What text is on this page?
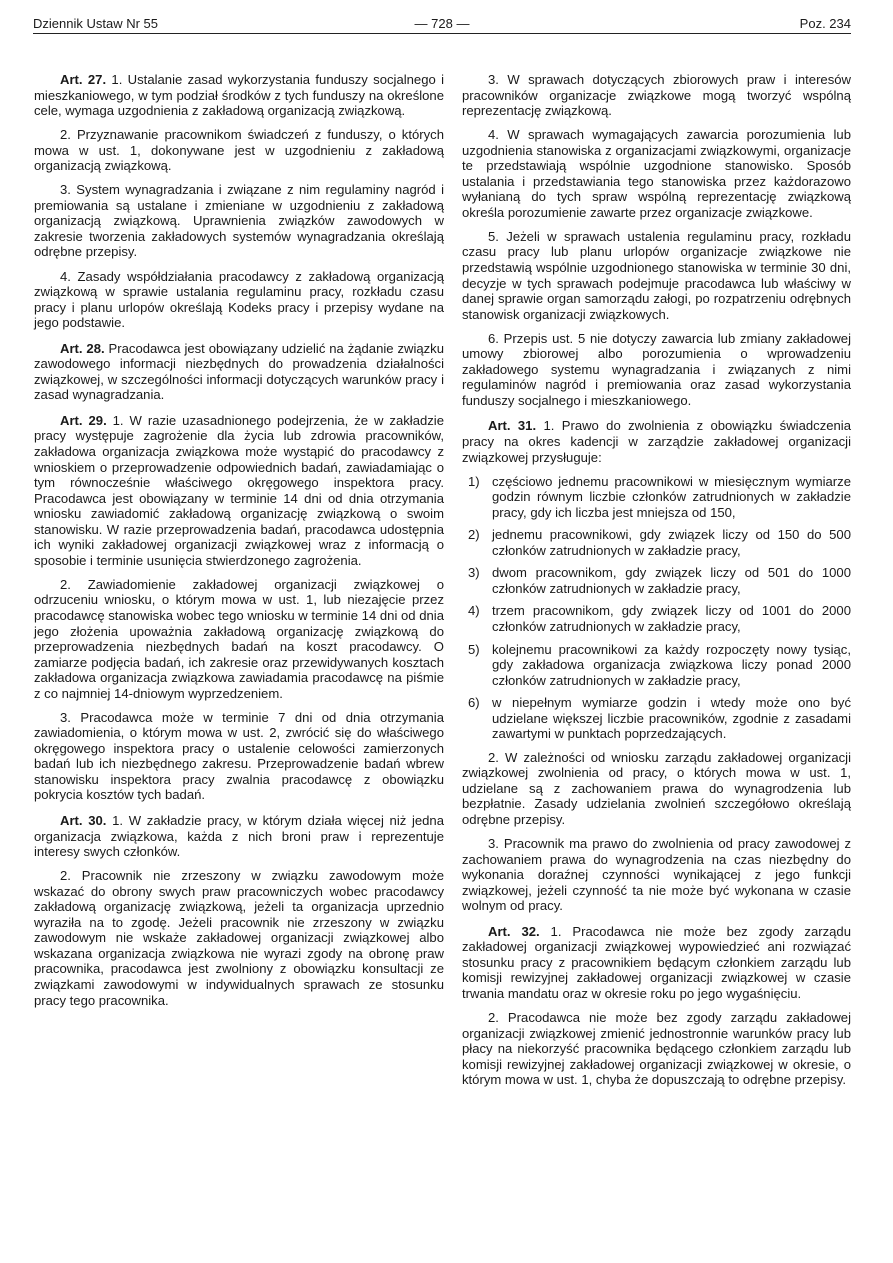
Dziennik Ustaw Nr 55	— 728 —	Poz. 234

Art. 27. 1. Ustalanie zasad wykorzystania funduszy socjalnego i mieszkaniowego, w tym podział środków z tych funduszy na określone cele, wymaga uzgodnienia z zakładową organizacją związkową.

2. Przyznawanie pracownikom świadczeń z funduszy, o których mowa w ust. 1, dokonywane jest w uzgodnieniu z zakładową organizacją związkową.

3. System wynagradzania i związane z nim regulaminy nagród i premiowania są ustalane i zmieniane w uzgodnieniu z zakładową organizacją związkową. Uprawnienia związków zawodowych w zakresie tworzenia zakładowych systemów wynagradzania określają odrębne przepisy.

4. Zasady współdziałania pracodawcy z zakładową organizacją związkową w sprawie ustalania regulaminu pracy, rozkładu czasu pracy i planu urlopów określają Kodeks pracy i przepisy wydane na jego podstawie.

Art. 28. Pracodawca jest obowiązany udzielić na żądanie związku zawodowego informacji niezbędnych do prowadzenia działalności związkowej, w szczególności informacji dotyczących warunków pracy i zasad wynagradzania.

Art. 29. 1. W razie uzasadnionego podejrzenia, że w zakładzie pracy występuje zagrożenie dla życia lub zdrowia pracowników, zakładowa organizacja związkowa może wystąpić do pracodawcy z wnioskiem o przeprowadzenie odpowiednich badań, zawiadamiając o tym równocześnie właściwego okręgowego inspektora pracy. Pracodawca jest obowiązany w terminie 14 dni od dnia otrzymania wniosku zawiadomić zakładową organizację związkową o swoim stanowisku. W razie przeprowadzenia badań, pracodawca udostępnia ich wyniki zakładowej organizacji związkowej wraz z informacją o sposobie i terminie usunięcia stwierdzonego zagrożenia.

2. Zawiadomienie zakładowej organizacji związkowej o odrzuceniu wniosku, o którym mowa w ust. 1, lub niezajęcie przez pracodawcę stanowiska wobec tego wniosku w terminie 14 dni od dnia jego złożenia upoważnia zakładową organizację związkową do przeprowadzenia niezbędnych badań na koszt pracodawcy. O zamiarze podjęcia badań, ich zakresie oraz przewidywanych kosztach zakładowa organizacja związkowa zawiadamia pracodawcę na piśmie z co najmniej 14-dniowym wyprzedzeniem.

3. Pracodawca może w terminie 7 dni od dnia otrzymania zawiadomienia, o którym mowa w ust. 2, zwrócić się do właściwego okręgowego inspektora pracy o ustalenie celowości zamierzonych badań lub ich niezbędnego zakresu. Przeprowadzenie badań wbrew stanowisku inspektora pracy zwalnia pracodawcę z obowiązku pokrycia kosztów tych badań.

Art. 30. 1. W zakładzie pracy, w którym działa więcej niż jedna organizacja związkowa, każda z nich broni praw i reprezentuje interesy swych członków.

2. Pracownik nie zrzeszony w związku zawodowym może wskazać do obrony swych praw pracowniczych wobec pracodawcy zakładową organizację związkową, jeżeli ta organizacja uprzednio wyraziła na to zgodę. Jeżeli pracownik nie zrzeszony w związku zawodowym nie wskaże zakładowej organizacji związkowej albo wskazana organizacja związkowa nie wyrazi zgody na obronę praw pracownika, pracodawca jest zwolniony z obowiązku konsultacji ze związkami zawodowymi w indywidualnych sprawach ze stosunku pracy tego pracownika.

3. W sprawach dotyczących zbiorowych praw i interesów pracowników organizacje związkowe mogą tworzyć wspólną reprezentację związkową.

4. W sprawach wymagających zawarcia porozumienia lub uzgodnienia stanowiska z organizacjami związkowymi, organizacje te przedstawiają wspólnie uzgodnione stanowisko. Sposób ustalania i przedstawiania tego stanowiska przez każdorazowo wyłanianą do tych spraw wspólną reprezentację związkową określa porozumienie zawarte przez organizacje związkowe.

5. Jeżeli w sprawach ustalenia regulaminu pracy, rozkładu czasu pracy lub planu urlopów organizacje związkowe nie przedstawią wspólnie uzgodnionego stanowiska w terminie 30 dni, decyzje w tych sprawach podejmuje pracodawca lub właściwy w danej sprawie organ samorządu załogi, po rozpatrzeniu odrębnych stanowisk organizacji związkowych.

6. Przepis ust. 5 nie dotyczy zawarcia lub zmiany zakładowej umowy zbiorowej albo porozumienia o wprowadzeniu zakładowego systemu wynagradzania i związanych z nimi regulaminów nagród i premiowania oraz zasad wykorzystania funduszy socjalnego i mieszkaniowego.

Art. 31. 1. Prawo do zwolnienia z obowiązku świadczenia pracy na okres kadencji w zarządzie zakładowej organizacji związkowej przysługuje:

1) częściowo jednemu pracownikowi w miesięcznym wymiarze godzin równym liczbie członków zatrudnionych w zakładzie pracy, gdy ich liczba jest mniejsza od 150,
2) jednemu pracownikowi, gdy związek liczy od 150 do 500 członków zatrudnionych w zakładzie pracy,
3) dwom pracownikom, gdy związek liczy od 501 do 1000 członków zatrudnionych w zakładzie pracy,
4) trzem pracownikom, gdy związek liczy od 1001 do 2000 członków zatrudnionych w zakładzie pracy,
5) kolejnemu pracownikowi za każdy rozpoczęty nowy tysiąc, gdy zakładowa organizacja związkowa liczy ponad 2000 członków zatrudnionych w zakładzie pracy,
6) w niepełnym wymiarze godzin i wtedy może ono być udzielane większej liczbie pracowników, zgodnie z zasadami zawartymi w punktach poprzedzających.

2. W zależności od wniosku zarządu zakładowej organizacji związkowej zwolnienia od pracy, o których mowa w ust. 1, udzielane są z zachowaniem prawa do wynagrodzenia lub bezpłatnie. Zasady udzielania zwolnień szczegółowo określają odrębne przepisy.

3. Pracownik ma prawo do zwolnienia od pracy zawodowej z zachowaniem prawa do wynagrodzenia na czas niezbędny do wykonania doraźnej czynności wynikającej z jego funkcji związkowej, jeżeli czynność ta nie może być wykonana w czasie wolnym od pracy.

Art. 32. 1. Pracodawca nie może bez zgody zarządu zakładowej organizacji związkowej wypowiedzieć ani rozwiązać stosunku pracy z pracownikiem będącym członkiem zarządu lub komisji rewizyjnej zakładowej organizacji związkowej w czasie trwania mandatu oraz w okresie roku po jego wygaśnięciu.

2. Pracodawca nie może bez zgody zarządu zakładowej organizacji związkowej zmienić jednostronnie warunków pracy lub płacy na niekorzyść pracownika będącego członkiem zarządu lub komisji rewizyjnej zakładowej organizacji związkowej w okresie, o którym mowa w ust. 1, chyba że dopuszczają to odrębne przepisy.
